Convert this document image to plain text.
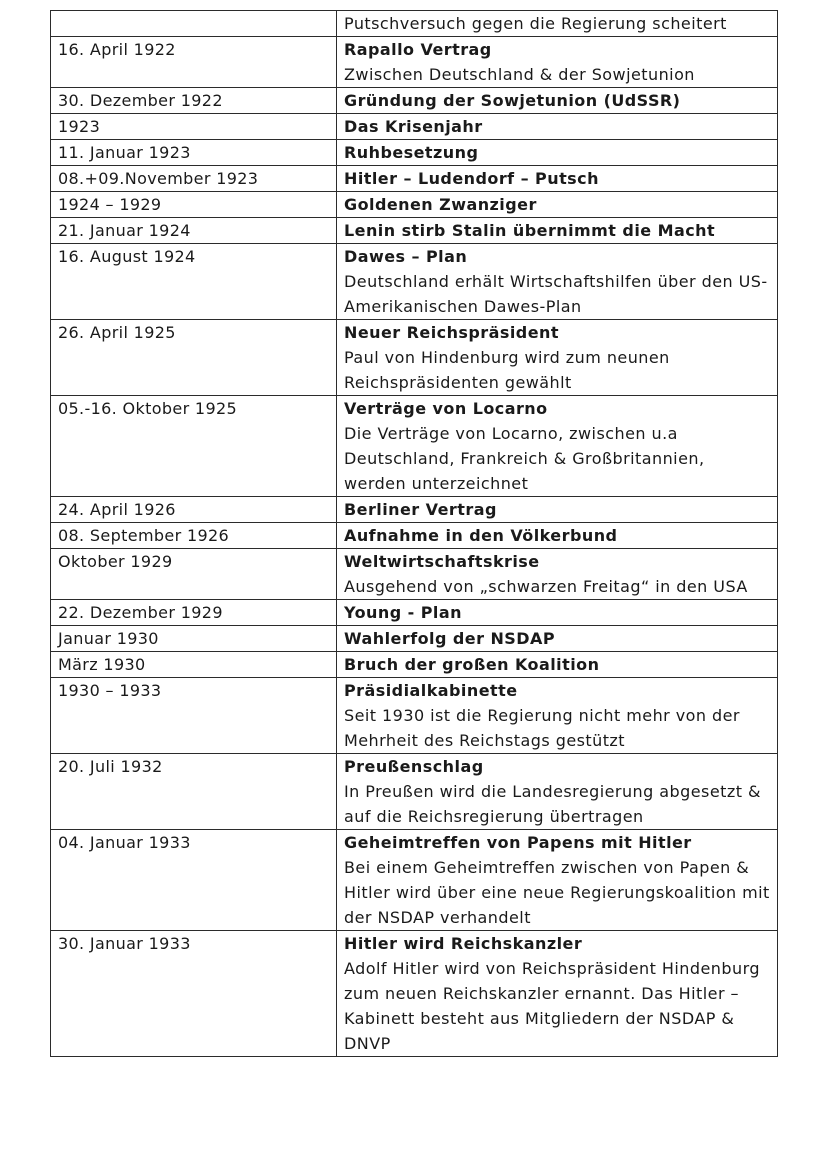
	Putschversuch gegen die Regierung scheitert

16. April 1922	Rapallo Vertrag
Zwischen Deutschland & der Sowjetunion

30. Dezember 1922	Gründung der Sowjetunion (UdSSR)

1923	Das Krisenjahr

11. Januar 1923	Ruhbesetzung

08.+09.November 1923	Hitler – Ludendorf – Putsch

1924 – 1929	Goldenen Zwanziger

21. Januar 1924	Lenin stirb Stalin übernimmt die Macht

16. August 1924	Dawes – Plan
Deutschland erhält Wirtschaftshilfen über den US-Amerikanischen Dawes-Plan

26. April 1925	Neuer Reichspräsident
Paul von Hindenburg wird zum neunen Reichspräsidenten gewählt

05.-16. Oktober 1925	Verträge von Locarno
Die Verträge von Locarno, zwischen u.a Deutschland, Frankreich & Großbritannien, werden unterzeichnet

24. April 1926	Berliner Vertrag

08. September 1926	Aufnahme in den Völkerbund

Oktober 1929	Weltwirtschaftskrise
Ausgehend von „schwarzen Freitag“ in den USA

22. Dezember 1929	Young - Plan

Januar 1930	Wahlerfolg der NSDAP

März 1930	Bruch der großen Koalition

1930 – 1933	Präsidialkabinette
Seit 1930 ist die Regierung nicht mehr von der Mehrheit des Reichstags gestützt

20. Juli 1932	Preußenschlag
In Preußen wird die Landesregierung abgesetzt & auf die Reichsregierung übertragen

04. Januar 1933	Geheimtreffen von Papens mit Hitler
Bei einem Geheimtreffen zwischen von Papen & Hitler wird über eine neue Regierungskoalition mit der NSDAP verhandelt

30. Januar 1933	Hitler wird Reichskanzler
Adolf Hitler wird von Reichspräsident Hindenburg zum neuen Reichskanzler ernannt. Das Hitler – Kabinett besteht aus Mitgliedern der NSDAP & DNVP
